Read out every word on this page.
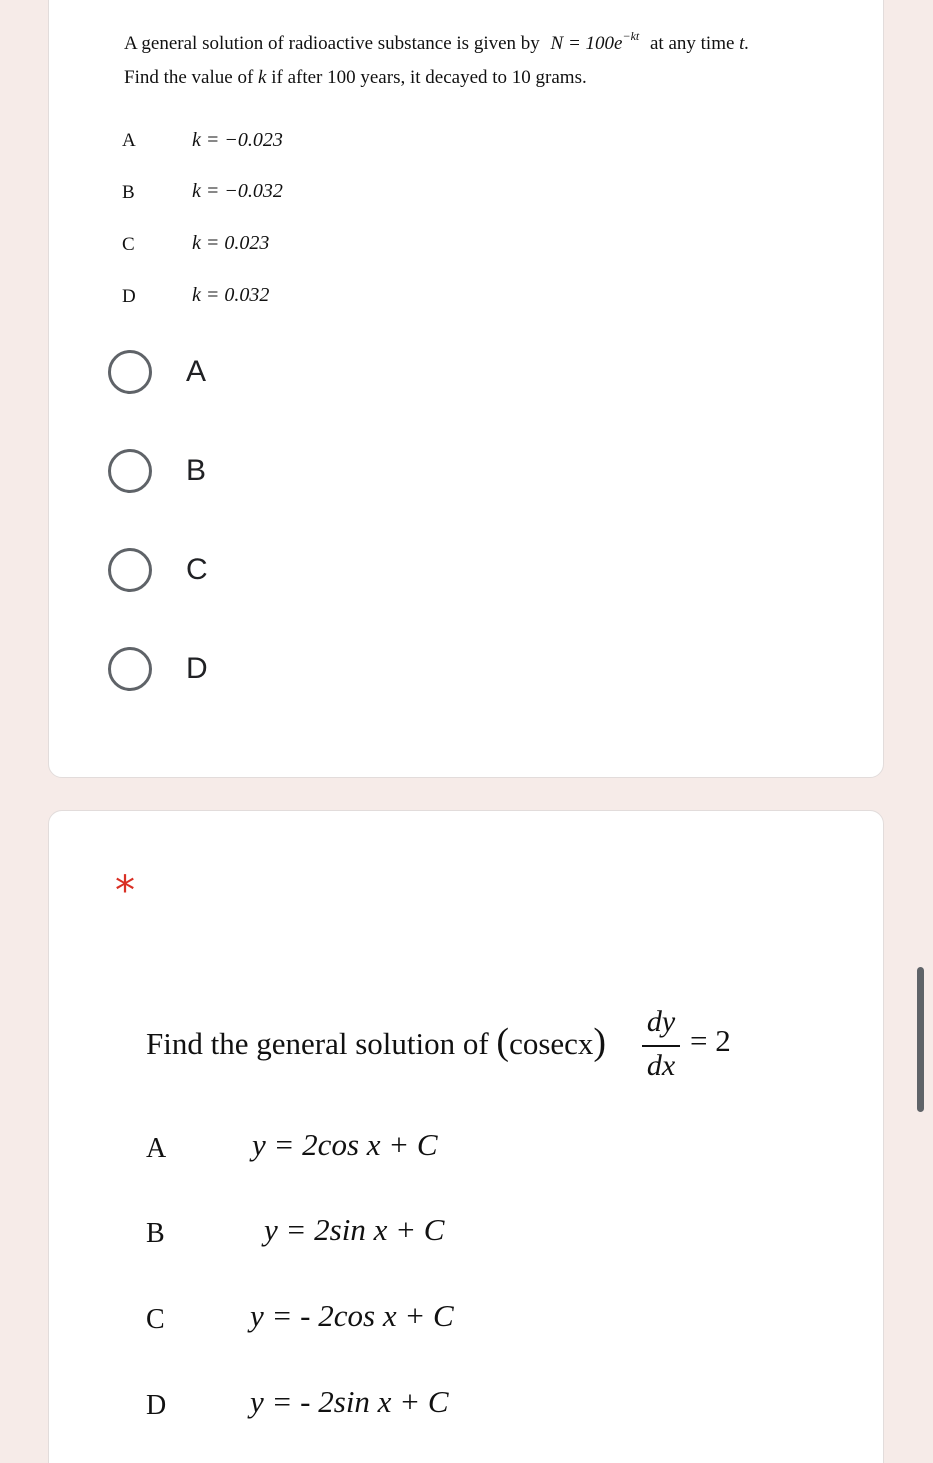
A general solution of radioactive substance is given by $N = 100e^{-kt}$ at any time t.
Find the value of k if after 100 years, it decayed to 10 grams.
A	k = −0.023
B	k = −0.032
C	k = 0.023
D	k = 0.032
A
B
C
D
*
Find the general solution of (cosecx) dy
dx
= 2
A	y = 2cos x + C
B	y = 2sin x + C
C	y = - 2cos x + C
D	y = - 2sin x + C
